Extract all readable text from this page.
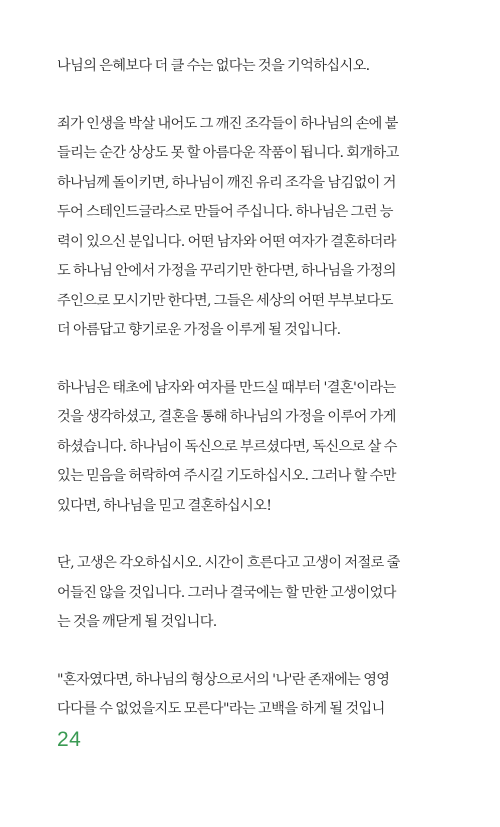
나님의 은혜보다 더 클 수는 없다는 것을 기억하십시오.

죄가 인생을 박살 내어도 그 깨진 조각들이 하나님의 손에 붙
들리는 순간 상상도 못 할 아름다운 작품이 됩니다. 회개하고
하나님께 돌이키면, 하나님이 깨진 유리 조각을 남김없이 거
두어 스테인드글라스로 만들어 주십니다. 하나님은 그런 능
력이 있으신 분입니다. 어떤 남자와 어떤 여자가 결혼하더라
도 하나님 안에서 가정을 꾸리기만 한다면, 하나님을 가정의
주인으로 모시기만 한다면, 그들은 세상의 어떤 부부보다도
더 아름답고 향기로운 가정을 이루게 될 것입니다.

하나님은 태초에 남자와 여자를 만드실 때부터 '결혼'이라는
것을 생각하셨고, 결혼을 통해 하나님의 가정을 이루어 가게
하셨습니다. 하나님이 독신으로 부르셨다면, 독신으로 살 수
있는 믿음을 허락하여 주시길 기도하십시오. 그러나 할 수만
있다면, 하나님을 믿고 결혼하십시오!

단, 고생은 각오하십시오. 시간이 흐른다고 고생이 저절로 줄
어들진 않을 것입니다. 그러나 결국에는 할 만한 고생이었다
는 것을 깨닫게 될 것입니다.

"혼자였다면, 하나님의 형상으로서의 '나'란 존재에는 영영
다다를 수 없었을지도 모른다"라는 고백을 하게 될 것입니

24
